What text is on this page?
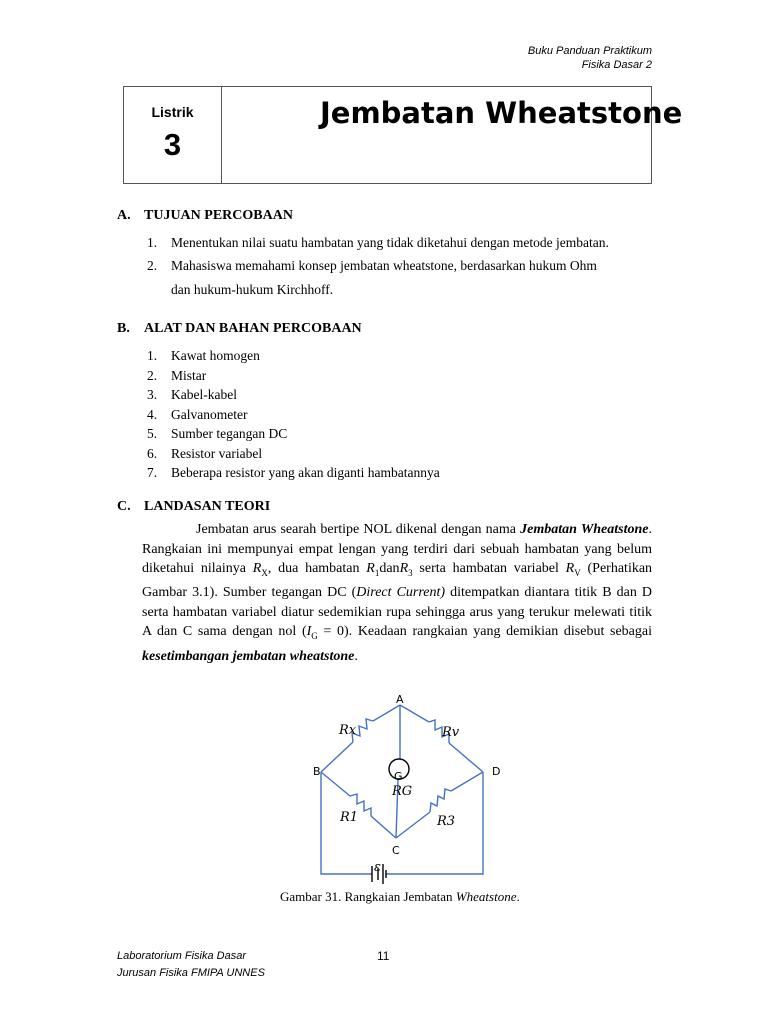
Buku Panduan Praktikum
Fisika Dasar 2
Listrik
3
Jembatan Wheatstone
A. TUJUAN PERCOBAAN
1. Menentukan nilai suatu hambatan yang tidak diketahui dengan metode jembatan.
2. Mahasiswa memahami konsep jembatan wheatstone, berdasarkan hukum Ohm dan hukum-hukum Kirchhoff.
B. ALAT DAN BAHAN PERCOBAAN
1. Kawat homogen
2. Mistar
3. Kabel-kabel
4. Galvanometer
5. Sumber tegangan DC
6. Resistor variabel
7. Beberapa resistor yang akan diganti hambatannya
C. LANDASAN TEORI

Jembatan arus searah bertipe NOL dikenal dengan nama Jembatan Wheatstone. Rangkaian ini mempunyai empat lengan yang terdiri dari sebuah hambatan yang belum diketahui nilainya $R_X$, dua hambatan $R_1danR_3$ serta hambatan variabel $R_V$ (Perhatikan Gambar 3.1). Sumber tegangan DC (Direct Current) ditempatkan diantara titik B dan D serta hambatan variabel diatur sedemikian rupa sehingga arus yang terukur melewati titik A dan C sama dengan nol $(I_G = 0)$. Keadaan rangkaian yang demikian disebut sebagai kesetimbangan jembatan wheatstone.

A
B
C
D
G
Rx	Rv
RG
R1	R3
ε
Gambar 31. Rangkaian Jembatan Wheatstone.
Laboratorium Fisika Dasar
Jurusan Fisika FMIPA UNNES
11
